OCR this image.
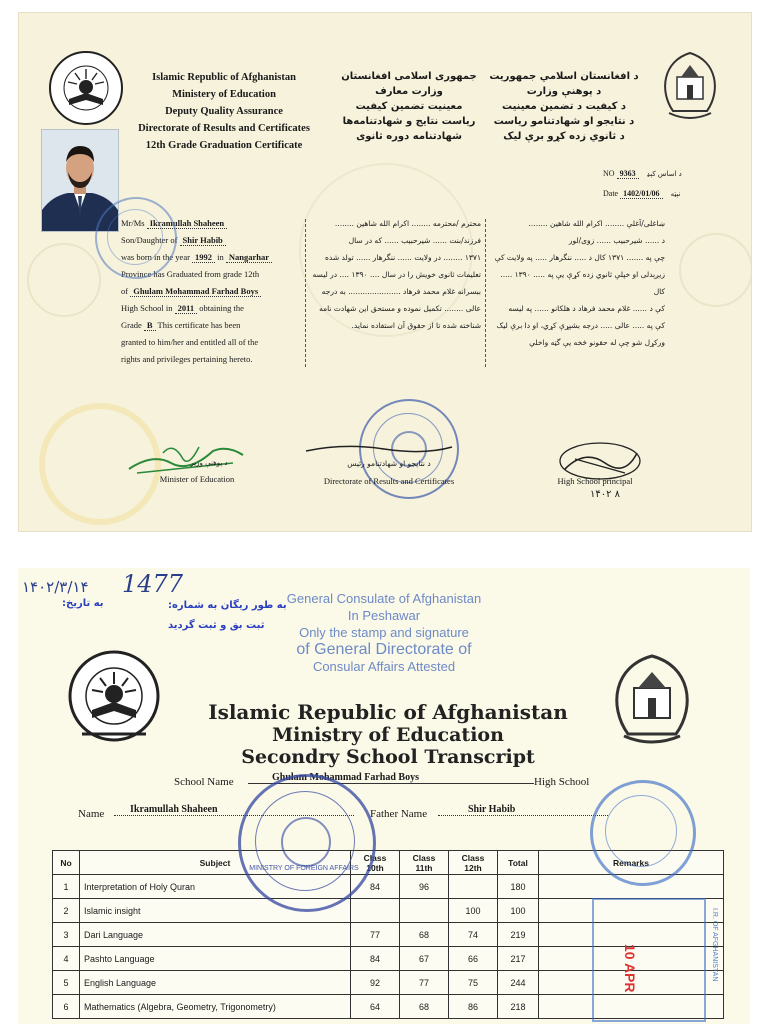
Islamic Republic of Afghanistan
Ministery of Education
Deputy Quality Assurance
Directorate of Results and Certificates
12th Grade Graduation Certificate
جمهوری اسلامی افغانستان
وزارت معارف
معینیت تضمین کیفیت
ریاست نتایج و شهادتنامه‌ها
شهادتنامه دوره ثانوی
د افغانستان اسلامي جمهوریت
د پوهنې وزارت
د کیفیت د تضمین معینیت
د نتایجو او شهادتنامو ریاست
د ثانوي زده کړو برې لیک
NO 9363 د اساس کېډ
Date 1402/01/06 نېټه
Mr/Ms Ikramullah Shaheen
Son/Daughter of Shir Habib
was born in the year 1992 in Nangarhar
Province has Graduated from grade 12th
of Ghulam Mohammad Farhad Boys
High School in 2011 obtaining the
Grade B This certificate has been
granted to him/her and entitled all of the
rights and privileges pertaining hereto.
محترم /محترمه ........ اکرام الله شاهین ........
فرزند/بنت ...... شیرحبیب ...... که در سال
۱۳۷۱ ........ در ولایت ...... ننگرهار ...... تولد شده
تعلیمات ثانوی خویش را در سال .... ۱۳۹۰ .... در لیسه
ببسرانه غلام محمد فرهاد ...................... به درجه
عالی ........ تکمیل نموده و مستحق این شهادت نامه
شناخته شده تا از حقوق آن استفاده نماید.
ښاغلی/آغلې ........ اکرام الله شاهین ........
د ...... شیرحبیب ...... زوی/لور
چې په ....... ۱۳۷۱ کال د ..... ننگرهار ..... په ولایت کې
زیږېدلی او خپلې ثانوي زده کړې یې په ..... ۱۳۹۰ ..... کال
کې د ...... غلام محمد فرهاد د هلکانو ...... په لیسه
کې په ..... عالی ..... درجه بشپړې کړي، او دا برې لیک
ورکړل شو چې له حقونو څخه یې گټه واخلي
د پوهنې وزیر
Minister of Education
د نتایجو او شهادتنامو رئیس
Directorate of Results and Certificates	High School principal
۱۴۰۲ ۸
۱۴۰۲/۳/۱۴ 1477
به طور ریگان به شماره:
به تاریخ:
ثبت بق و ثبت گردید
General Consulate of Afghanistan
In Peshawar
Only the stamp and signature
of General Directorate of
Consular Affairs Attested
Islamic Republic of Afghanistan
Ministry of Education
Secondry School Transcript
School Name	Ghulam Mohammad Farhad Boys	High School
Name	Ikramullah Shaheen	Father Name	Shir Habib
No	Subject	Class 10th	Class 11th	Class 12th	Total	Remarks
1	Interpretation of Holy Quran	84	96		180	
2	Islamic insight			100	100	
3	Dari Language	77	68	74	219	
4	Pashto Language	84	67	66	217	
5	English Language	92	77	75	244	
6	Mathematics (Algebra, Geometry, Trigonometry)	64	68	86	218	
MINISTRY OF FOREIGN AFFAIRS
10 APR	I.R. OF AFGHANISTAN
